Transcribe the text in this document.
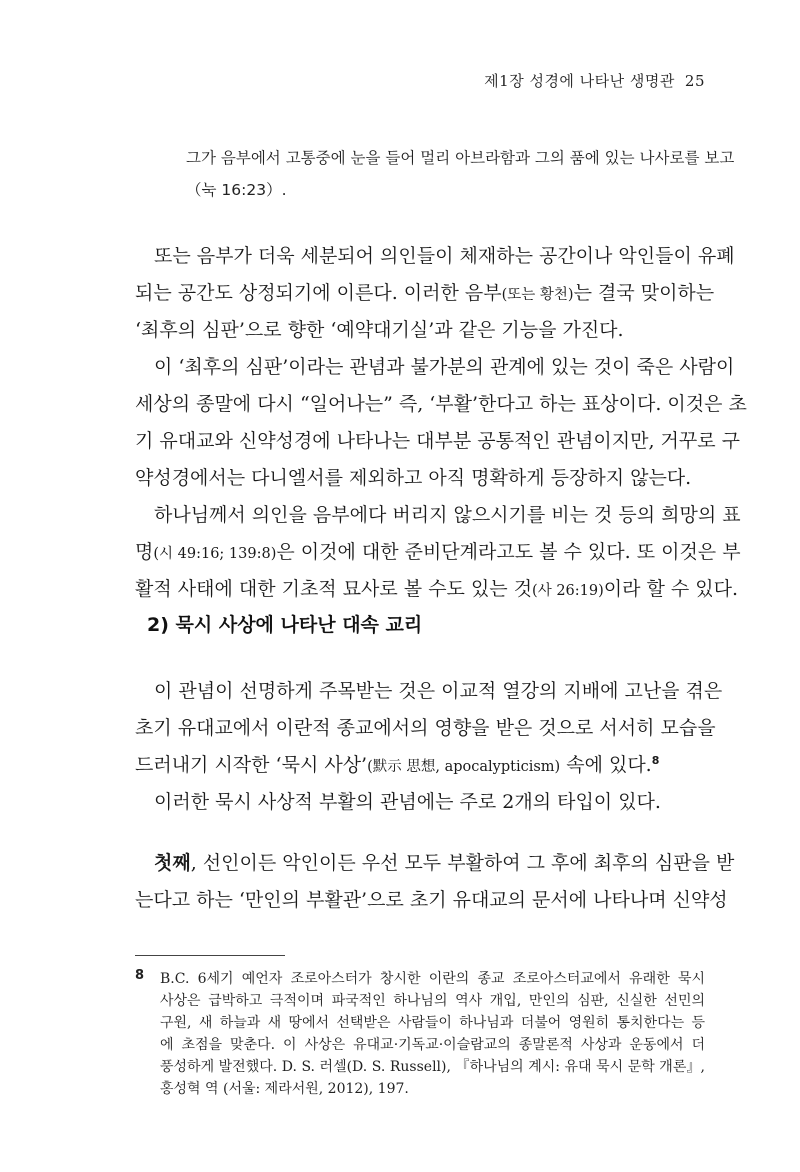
제1장 성경에 나타난 생명관 25
그가 음부에서 고통중에 눈을 들어 멀리 아브라함과 그의 품에 있는 나사로를 보고
（눅 16:23）.
또는 음부가 더욱 세분되어 의인들이 체재하는 공간이나 악인들이 유폐
되는 공간도 상정되기에 이른다. 이러한 음부(또는 황천)는 결국 맞이하는
‘최후의 심판’으로 향한 ‘예약대기실’과 같은 기능을 가진다.
이 ‘최후의 심판’이라는 관념과 불가분의 관계에 있는 것이 죽은 사람이
세상의 종말에 다시 “일어나는” 즉, ‘부활’한다고 하는 표상이다. 이것은 초
기 유대교와 신약성경에 나타나는 대부분 공통적인 관념이지만, 거꾸로 구
약성경에서는 다니엘서를 제외하고 아직 명확하게 등장하지 않는다.
하나님께서 의인을 음부에다 버리지 않으시기를 비는 것 등의 희망의 표
명(시 49:16; 139:8)은 이것에 대한 준비단계라고도 볼 수 있다. 또 이것은 부
활적 사태에 대한 기초적 묘사로 볼 수도 있는 것(사 26:19)이라 할 수 있다.
2) 묵시 사상에 나타난 대속 교리
이 관념이 선명하게 주목받는 것은 이교적 열강의 지배에 고난을 겪은
초기 유대교에서 이란적 종교에서의 영향을 받은 것으로 서서히 모습을
드러내기 시작한 ‘묵시 사상’(默示 思想, apocalypticism) 속에 있다.$^8$
이러한 묵시 사상적 부활의 관념에는 주로 2개의 타입이 있다.
첫째, 선인이든 악인이든 우선 모두 부활하여 그 후에 최후의 심판을 받
는다고 하는 ‘만인의 부활관’으로 초기 유대교의 문서에 나타나며 신약성
8 B.C. 6세기 예언자 조로아스터가 창시한 이란의 종교 조로아스터교에서 유래한 묵시
사상은 급박하고 극적이며 파국적인 하나님의 역사 개입, 만인의 심판, 신실한 선민의
구원, 새 하늘과 새 땅에서 선택받은 사람들이 하나님과 더불어 영원히 통치한다는 등
에 초점을 맞춘다. 이 사상은 유대교·기독교·이슬람교의 종말론적 사상과 운동에서 더
풍성하게 발전했다. D. S. 러셀(D. S. Russell), 『하나님의 계시: 유대 묵시 문학 개론』,
홍성혁 역 (서울: 제라서원, 2012), 197.
